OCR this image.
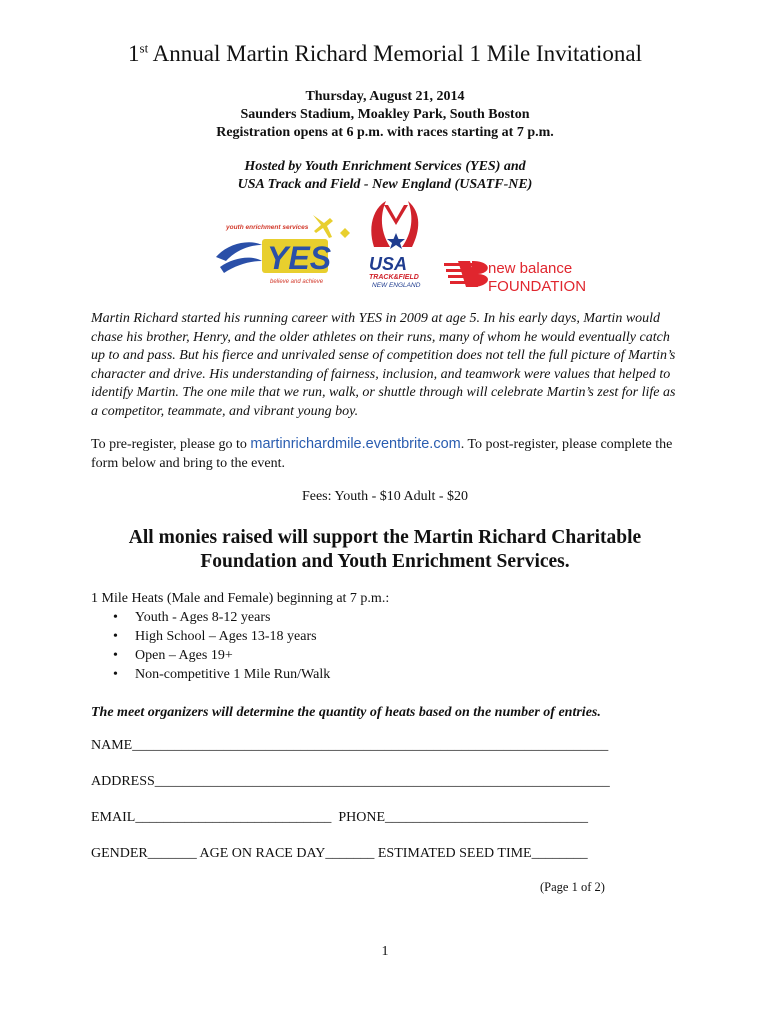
1st Annual Martin Richard Memorial 1 Mile Invitational
Thursday, August 21, 2014
Saunders Stadium, Moakley Park, South Boston
Registration opens at 6 p.m. with races starting at 7 p.m.
Hosted by Youth Enrichment Services (YES) and
USA Track and Field - New England (USATF-NE)
youth enrichment services
YES
believe and achieve
USA
TRACK&FIELD
NEW ENGLAND
new balance
FOUNDATION
Martin Richard started his running career with YES in 2009 at age 5. In his early days, Martin would chase his brother, Henry, and the older athletes on their runs, many of whom he would eventually catch up to and pass. But his fierce and unrivaled sense of competition does not tell the full picture of Martin’s character and drive. His understanding of fairness, inclusion, and teamwork were values that helped to identify Martin. The one mile that we run, walk, or shuttle through will celebrate Martin’s zest for life as a competitor, teammate, and vibrant young boy.
To pre-register, please go to martinrichardmile.eventbrite.com. To post-register, please complete the form below and bring to the event.
Fees: Youth - $10 Adult - $20
All monies raised will support the Martin Richard Charitable
Foundation and Youth Enrichment Services.
1 Mile Heats (Male and Female) beginning at 7 p.m.:
• Youth - Ages 8-12 years
• High School – Ages 13-18 years
• Open – Ages 19+
• Non-competitive 1 Mile Run/Walk
The meet organizers will determine the quantity of heats based on the number of entries.
NAME____________________________________________________________________
ADDRESS_________________________________________________________________
EMAIL____________________________  PHONE_____________________________
GENDER_______ AGE ON RACE DAY_______ ESTIMATED SEED TIME________
(Page 1 of 2)
1
